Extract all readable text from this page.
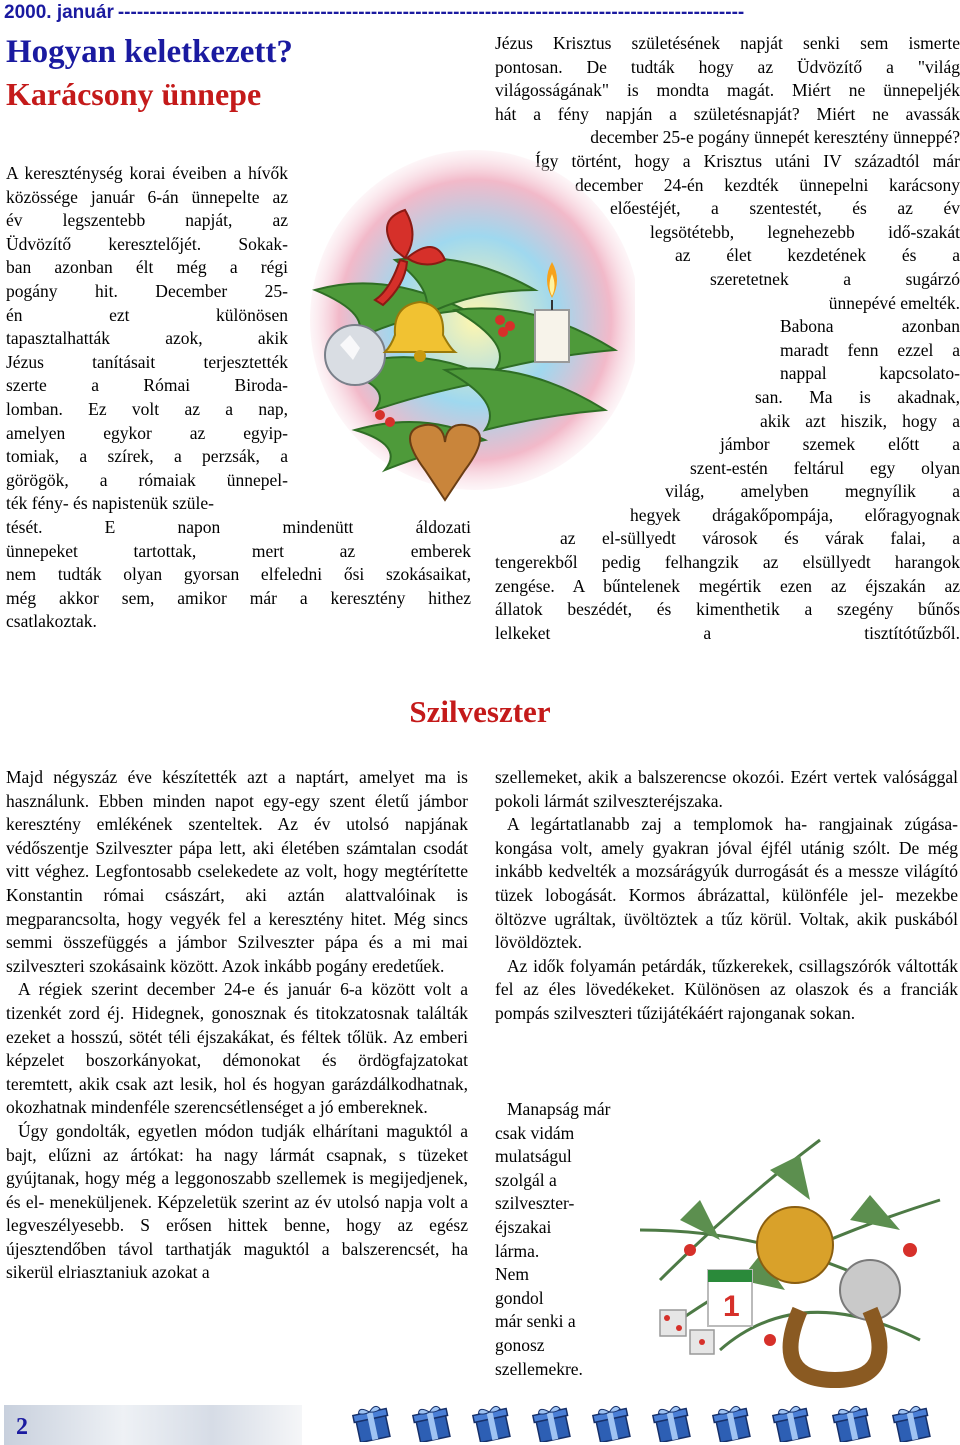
2000. január ---------------------------------------------------------------------------------------------------
Hogyan keletkezett?
Karácsony ünnepe
A kereszténység korai éveiben a hívők
közössége január 6-án ünnepelte az
év legszentebb napját, az
Üdvözítő keresztelőjét. Sokak-
ban azonban élt még a régi
pogány hit. December 25-
én ezt különösen
tapasztalhatták azok, akik
Jézus tanításait terjesztették
szerte a Római Biroda-
lomban. Ez volt az a nap,
amelyen egykor az egyip-
tomiak, a szírek, a perzsák, a
görögök, a rómaiak ünnepel-
ték fény- és napistenük szüle-
tését. E napon mindenütt áldozati
ünnepeket tartottak, mert az emberek
nem tudták olyan gyorsan elfeledni ősi szokásaikat,
még akkor sem, amikor már a keresztény hithez
csatlakoztak.
Jézus Krisztus születésének napját senki sem ismerte
pontosan. De tudták hogy az Üdvözítő a "világ
világosságának" is mondta magát. Miért ne ünnepeljék
hát a fény napján a születésnapját? Miért ne avassák
december 25-e pogány ünnepét keresztény ünneppé?
Így történt, hogy a Krisztus utáni IV századtól már
december 24-én kezdték ünnepelni karácsony
előestéjét, a szentestét, és az év
legsötétebb, legnehezebb idő-szakát
az élet kezdetének és a
szeretetnek a sugárzó
ünnepévé emelték.
Babona azonban
maradt fenn ezzel a
nappal kapcsolato-
san. Ma is akadnak,
akik azt hiszik, hogy a
jámbor szemek előtt a
szent-estén feltárul egy olyan
világ, amelyben megnyílik a
hegyek drágakőpompája, előragyognak
az el-süllyedt városok és várak falai, a
tengerekből pedig felhangzik az elsüllyedt harangok
zengése. A bűntelenek megértik ezen az éjszakán az
állatok beszédét, és kimenthetik a szegény bűnős
lelkeket a tisztítótűzből.
Szilveszter

Majd négyszáz éve készítették azt a naptárt, amelyet ma is használunk. Ebben minden napot egy-egy szent életű jámbor keresztény emlékének szenteltek. Az év utolsó napjának védőszentje Szilveszter pápa lett, aki életében számtalan csodát vitt véghez. Legfontosabb cselekedete az volt, hogy megtérítette Konstantin római császárt, aki aztán alattvalóinak is megparancsolta, hogy vegyék fel a keresztény hitet. Még sincs semmi összefüggés a jámbor Szilveszter pápa és a mi mai szilveszteri szokásaink között. Azok inkább pogány eredetűek.

A régiek szerint december 24-e és január 6-a között volt a tizenkét zord éj. Hidegnek, gonosznak és titokzatosnak találták ezeket a hosszú, sötét téli éjszakákat, és féltek tőlük. Az emberi képzelet boszorkányokat, démonokat és ördögfajzatokat teremtett, akik csak azt lesik, hol és hogyan garázdálkodhatnak, okozhatnak mindenféle szerencsétlenséget a jó embereknek.

Úgy gondolták, egyetlen módon tudják elhárítani maguktól a bajt, elűzni az ártókat: ha nagy lármát csapnak, s tüzeket gyújtanak, hogy még a leggonoszabb szellemek is megijedjenek, és el- meneküljenek. Képzeletük szerint az év utolsó napja volt a legveszélyesebb. S erősen hittek benne, hogy az egész újesztendőben távol tarthatják maguktól a balszerencsét, ha sikerül elriasztaniuk azokat a

szellemeket, akik a balszerencse okozói. Ezért vertek valósággal pokoli lármát szilveszteréjszaka.

A legártatlanabb zaj a templomok ha- rangjainak zúgása-kongása volt, amely gyakran jóval éjfél utánig szólt. De még inkább kedvelték a mozsárágyúk durrogását és a messze világító tüzek lobogását. Kormos ábrázattal, különféle jel- mezekbe öltözve ugráltak, üvöltöztek a tűz körül. Voltak, akik puskából lövöldöztek.

Az idők folyamán petárdák, tűzkerekek, csillagszórók váltották fel az éles lövedékeket. Különösen az olaszok és a franciák pompás szilveszteri tűzijátékáért rajonganak sokan.

Manapság már
csak vidám
mulatságul
szolgál a
szilveszter-
éjszakai
lárma.
Nem
gondol
már senki a
gonosz
szellemekre.
1
2
